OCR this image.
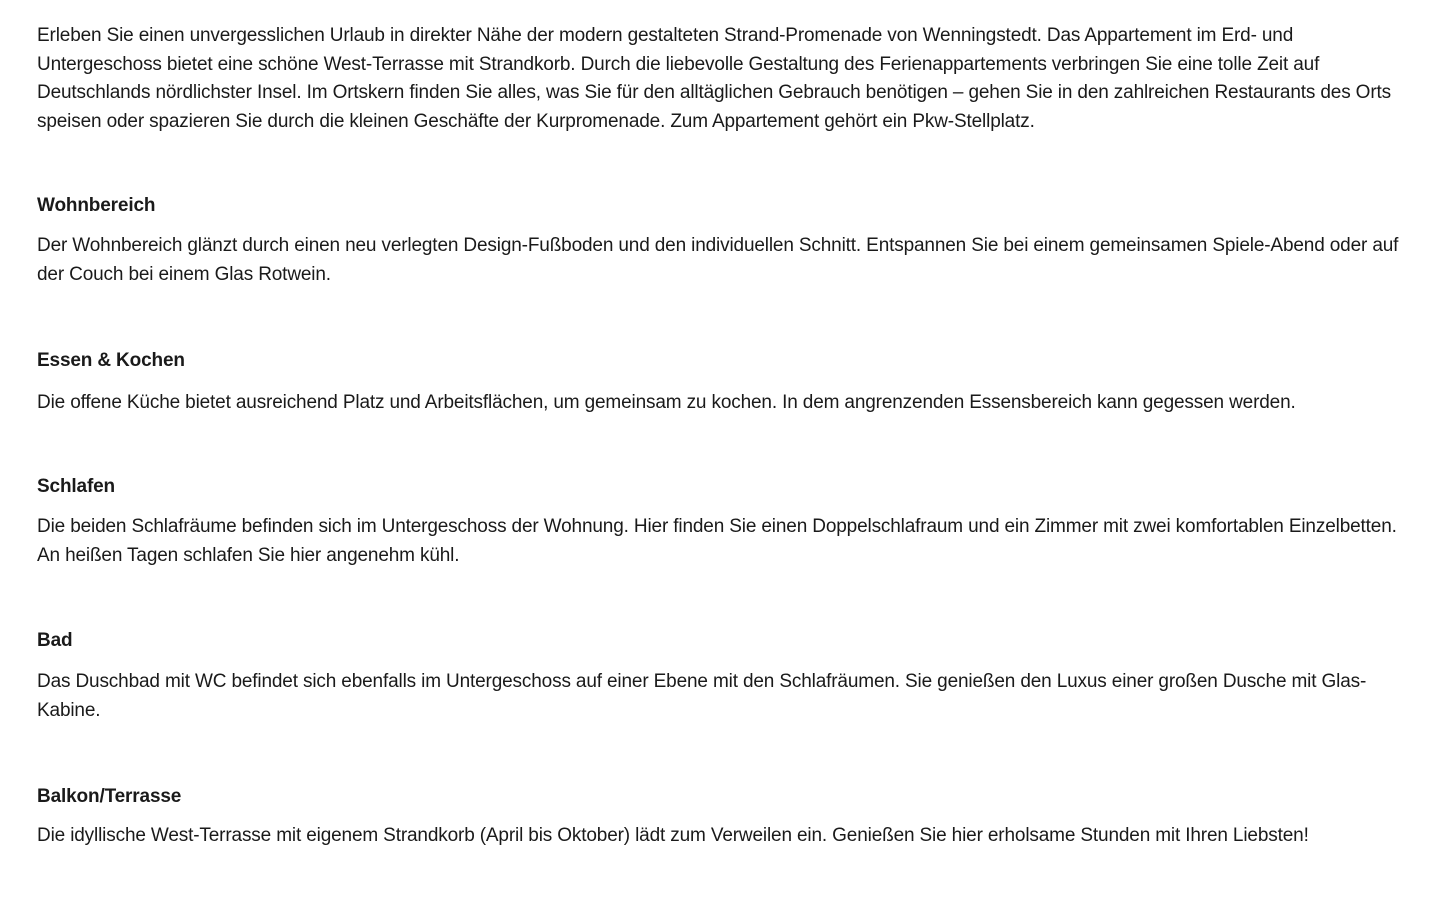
Erleben Sie einen unvergesslichen Urlaub in direkter Nähe der modern gestalteten Strand-Promenade von Wenningstedt. Das Appartement im Erd- und Untergeschoss bietet eine schöne West-Terrasse mit Strandkorb. Durch die liebevolle Gestaltung des Ferienappartements verbringen Sie eine tolle Zeit auf Deutschlands nördlichster Insel. Im Ortskern finden Sie alles, was Sie für den alltäglichen Gebrauch benötigen – gehen Sie in den zahlreichen Restaurants des Orts speisen oder spazieren Sie durch die kleinen Geschäfte der Kurpromenade. Zum Appartement gehört ein Pkw-Stellplatz.

Wohnbereich

Der Wohnbereich glänzt durch einen neu verlegten Design-Fußboden und den individuellen Schnitt. Entspannen Sie bei einem gemeinsamen Spiele-Abend oder auf der Couch bei einem Glas Rotwein.

Essen & Kochen

Die offene Küche bietet ausreichend Platz und Arbeitsflächen, um gemeinsam zu kochen. In dem angrenzenden Essensbereich kann gegessen werden.

Schlafen

Die beiden Schlafräume befinden sich im Untergeschoss der Wohnung. Hier finden Sie einen Doppelschlafraum und ein Zimmer mit zwei komfortablen Einzelbetten. An heißen Tagen schlafen Sie hier angenehm kühl.

Bad

Das Duschbad mit WC befindet sich ebenfalls im Untergeschoss auf einer Ebene mit den Schlafräumen. Sie genießen den Luxus einer großen Dusche mit Glas-Kabine.

Balkon/Terrasse

Die idyllische West-Terrasse mit eigenem Strandkorb (April bis Oktober) lädt zum Verweilen ein. Genießen Sie hier erholsame Stunden mit Ihren Liebsten!
